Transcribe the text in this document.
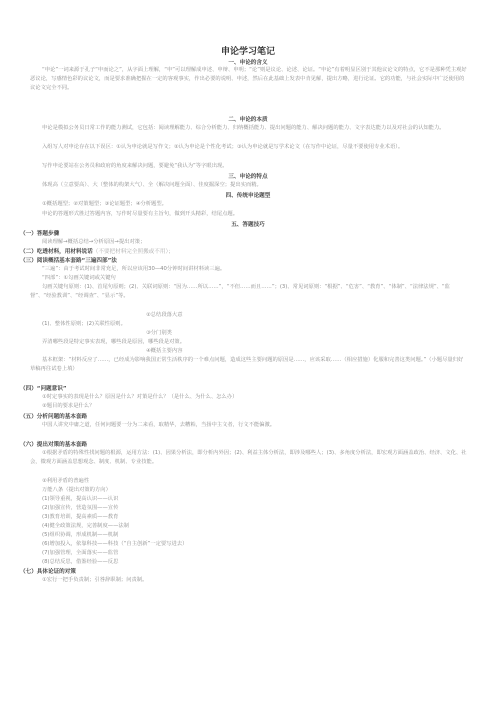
申论学习笔记
一、申论的含义
“申论”一词来源于孔子“申而论之”，从字面上理解，“申”可以理解成申述、申辩、申明；“论”则是议论、论述、论证。“申论”有着明显区别于其他议论文的特点，它不是那种凭主观好恶议论，写感情色彩的议论文，而是要求准确把握在一定的客观事实，作出必要的说明、申述，然后在此基础上发表中肯见解，提出方略，进行论证。它的功能，与社会实际中广泛使用的议论文完全不同。
二、申论的本质
申论是模拟公务员日常工作的能力测试，它包括：阅读理解能力、综合分析能力、归纳概括能力、提出问题的能力、解决问题的能力、文字表达能力以及对社会的认知能力。
入组写人对申论存在以下误区：①认为申论就是写作文；②认为申论是个性化考试；③认为申论就是写学术论文（在写作中论证，尽量不要使用专业术语）。
写作申论要站在公务员和政府的角度来解决问题，要避免“我认为”等字眼出现。
三、申论的特点
体现高（立意要高）、大（整体的构架大气）、全（解决问题全面）、佳度掘深空；提出实而精。
四、传统申论题型
①概括题型；②对策题型；③论证题型；④分析题型。
申论的答题形式胜过答题内容，写作时尽量要有主旨句，做到开头精彩，结尾点题。
五、答题技巧
（一）答题步骤
阅读理解→概括总结→分析原因→提出对策；
（二）吃透材料，用材料说话（不要把材料完全照搬或不用）；
（三）阅读概括基本套路“三遍四部”法
“三遍”：由于考试时间非常充足，所以应该用30—40分钟时间讲材料读三遍。
“四部”：①勾画关键词或关键句
勾画关键句原则：(1)、首尾句原则；(2)、关联词原则：“因为……所以……”，“不但……而且……”；(3)、常见词原则：“根据”、“危害”、“教育”、“体制”、“法律法规”、“监督”、“经验教训”、“经调查”、“显示”等。
②总结段落大意
(1)、整体性原则；(2)关联性原则。
③分门别类
弄清哪些段是特定事实表现，哪些段是原因，哪些段是对策。
④概括主要内容
基本框架：“材料反应了……，已经成为影响我国正常生活秩序的一个难点问题，造成这些主要问题的原因是……，应该采取……（相应措施）化服和完善这类问题。”（小题尽量归好草稿再往试卷上填）
（四）“问题意识”
①时定事实的表现是什么？原因是什么？对策是什么？（是什么、为什么、怎么办）
②题目的要求是什么？
（五）分析问题的基本套路
中国人讲究中庸之道，任何问题要一分为二来看，取精华，去糟粕，当扬中主文者，行文不能偏激。
（六）提出对策的基本套路
①根据矛盾的特殊性找问题的根源，运用方法：(1)、因果分析法，即分析内外因；(2)、利益主体分析法，即涉及哪些人；(3)、多角度分析法，即宏观方面涵盖政治、经济、文化、社会，微观方面涵盖思想观念、制度、机制、专业技能。
②利用矛盾的普遍性
万能八条（提出对策的方向）
(1)领导重视，提高认识——认识
(2)加强宣传，营造氛围——宣传
(3)教育培训，提高素质——教育
(4)健全政策法规，完善制度——法制
(5)组织协调，形成机制——机制
(6)增加投入，依靠科技——科技（“自主创新”一定要写进去）
(7)加强管理，全面落实——监管
(8)总结反思，借鉴经验——反思
（七）具体论证的对策
①宏行一把手负责制；引咎辞职制；问责制。
